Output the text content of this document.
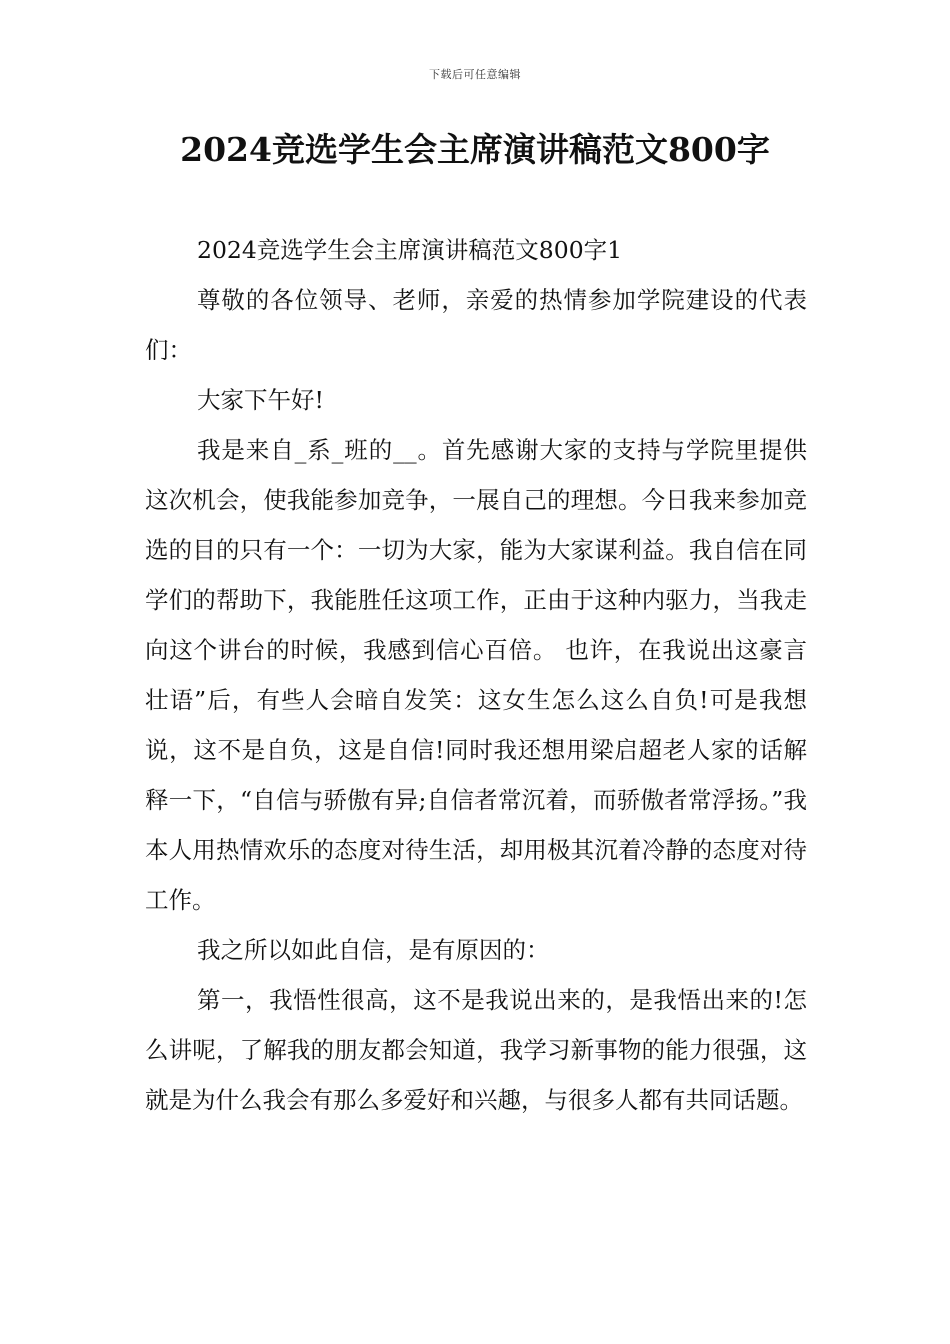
下载后可任意编辑
2024竞选学生会主席演讲稿范文800字

2024竞选学生会主席演讲稿范文800字1

尊敬的各位领导、老师，亲爱的热情参加学院建设的代表们：

大家下午好!

我是来自_系_班的__。首先感谢大家的支持与学院里提供这次机会，使我能参加竞争，一展自己的理想。今日我来参加竞选的目的只有一个：一切为大家，能为大家谋利益。我自信在同学们的帮助下，我能胜任这项工作，正由于这种内驱力，当我走向这个讲台的时候，我感到信心百倍。 也许，在我说出这豪言壮语”后，有些人会暗自发笑：这女生怎么这么自负!可是我想说，这不是自负，这是自信!同时我还想用梁启超老人家的话解释一下，“自信与骄傲有异;自信者常沉着，而骄傲者常浮扬。”我本人用热情欢乐的态度对待生活，却用极其沉着冷静的态度对待工作。

我之所以如此自信，是有原因的：

第一，我悟性很高，这不是我说出来的，是我悟出来的!怎么讲呢，了解我的朋友都会知道，我学习新事物的能力很强，这就是为什么我会有那么多爱好和兴趣，与很多人都有共同话题。
